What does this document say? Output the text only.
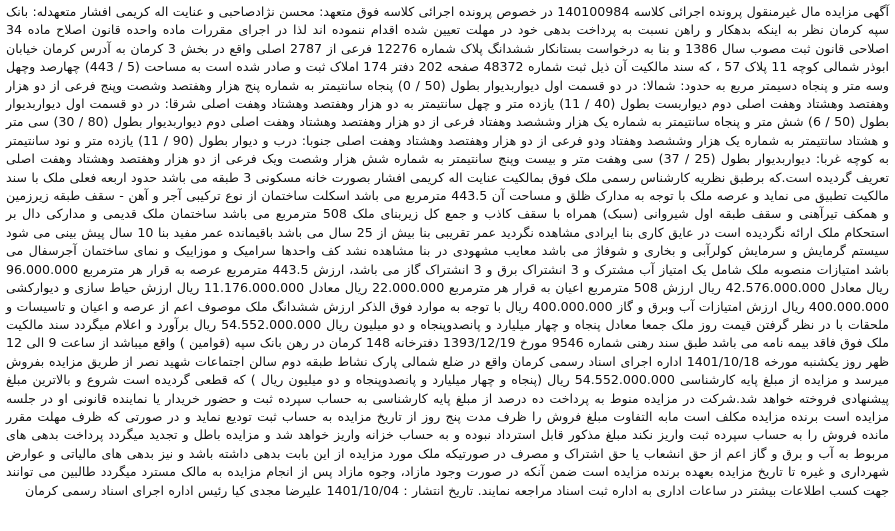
آگهی مزایده مال غیرمنقول پرونده اجرائی کلاسه 140100984 در خصوص پرونده اجرائی کلاسه فوق متعهد: محسن نژادصاحبی و عنایت اله کریمی افشار متعهدله: بانک سپه کرمان نظر به اینکه بدهکار و راهن نسبت به پرداخت بدهی خود در مهلت تعیین شده اقدام ننموده اند لذا در اجرای مقررات ماده واحده قانون اصلاح ماده 34 اصلاحی قانون ثبت مصوب سال 1386 و بنا به درخواست بستانکار ششدانگ پلاک شماره 12276 فرعی از 2787 اصلی واقع در بخش 3 کرمان به آدرس کرمان خیابان ابوذر شمالی کوچه 11 پلاک 57 ، که سند مالکیت آن ذیل ثبت شماره 48372 صفحه 202 دفتر 174 املاک ثبت و صادر شده است به مساحت (5 / 443) چهارصد وچهل وسه متر و پنجاه دسیمتر مربع به حدود: شمالا: در دو قسمت اول دیواربدیوار بطول (50 / 0) پنجاه سانتیمتر به شماره پنج هزار وهفتصد وشصت وپنج فرعی از دو هزار وهفتصد وهشتاد وهفت اصلی دوم دیواربست بطول (40 / 11) یازده متر و چهل سانتیمتر به دو هزار وهفتصد وهشتاد وهفت اصلی شرقا: در دو قسمت اول دیواربدیوار بطول (50 / 6) شش متر و پنجاه سانتیمتر به شماره یک هزار وششصد وهفتاد فرعی از دو هزار وهفتصد وهشتاد وهفت اصلی دوم دیواربدیوار بطول (80 / 30) سی متر و هشتاد سانتیمتر به شماره یک هزار وششصد وهفتاد ودو فرعی از دو هزار وهفتصد وهشتاد وهفت اصلی جنوبا: درب و دیوار بطول (90 / 11) یازده متر و نود سانتیمتر به کوچه غربا: دیواربدیوار بطول (25 / 37) سی وهفت متر و بیست وپنج سانتیمتر به شماره شش هزار وشصت ویک فرعی از دو هزار وهفتصد وهشتاد وهفت اصلی تعریف گردیده است.که برطبق نظریه کارشناس رسمی ملک فوق بمالکیت عنایت اله کریمی افشار بصورت خانه مسکونی 3 طبقه می باشد حدود اربعه فعلی ملک با سند مالکیت تطبیق می نماید و عرصه ملک با توجه به مدارک ظلق و مساحت آن 443.5 مترمربع می باشد اسکلت ساختمان از نوع ترکیبی آجر و آهن - سقف طبقه زیرزمین و همکف تیرآهنی و سقف طبقه اول شیروانی (سبک) همراه با سقف کاذب و جمع کل زیربنای ملک 508 مترمربع می باشد ساختمان ملک قدیمی و مدارکی دال بر استحکام ملک ارائه نگردیده است در عایق کاری بنا ایرادی مشاهده نگردید عمر تقریبی بنا بیش از 25 سال می باشد باقیمانده عمر مفید بنا 10 سال پیش بینی می شود سیستم گرمایش و سرمایش کولرآبی و بخاری و شوفاژ می باشد معایب مشهودی در بنا مشاهده نشد کف واحدها سرامیک و موزاییک و نمای ساختمان آجرسفال می باشد امتیازات منصوبه ملک شامل یک امتیاز آب مشترک و 3 انشتراک برق و 3 انشتراک گاز می باشد، ارزش 443.5 مترمربع عرصه به قرار هر مترمربع 96.000.000 ریال معادل 42.576.000.000 ریال ارزش 508 مترمربع اعیان به قرار هر مترمربع 22.000.000 ریال معادل 11.176.000.000 ریال ارزش حیاط سازی و دیوارکشی 400.000.000 ریال ارزش امتیازات آب وبرق و گاز 400.000.000 ریال با توجه به موارد فوق الذکر ارزش ششدانگ ملک موصوف اعم از عرصه و اعیان و تاسیسات و ملحقات با در نظر گرفتن قیمت روز ملک جمعا معادل پنجاه و چهار میلیارد و پانصدوپنجاه و دو میلیون ریال 54.552.000.000 ریال برآورد و اعلام میگردد سند مالکیت ملک فوق فاقد بیمه نامه می باشد طبق سند رهنی شماره 9546 مورخ 1393/12/19 دفترخانه 148 کرمان در رهن بانک سپه (قوامین ) واقع میباشد از ساعت 9 الی 12 ظهر روز یکشنبه مورخه 1401/10/18 اداره اجرای اسناد رسمی کرمان واقع در ضلع شمالی پارک نشاط طبقه دوم سالن اجتماعات شهید نصر از طریق مزایده بفروش میرسد و مزایده از مبلغ پایه کارشناسی 54.552.000.000 ریال (پنجاه و چهار میلیارد و پانصدوپنجاه و دو میلیون ریال ) که قطعی گردیده است شروع و بالاترین مبلغ پیشنهادی فروخته خواهد شد.شرکت در مزایده منوط به پرداخت ده درصد از مبلغ پایه کارشناسی به حساب سپرده ثبت و حضور خریدار یا نماینده قانونی او در جلسه مزایده است برنده مزایده مکلف است مابه التفاوت مبلغ فروش را ظرف مدت پنج روز از تاریخ مزایده به حساب ثبت تودیع نماید و در صورتی که ظرف مهلت مقرر مانده فروش را به حساب سپرده ثبت واریز نکند مبلغ مذکور قابل استرداد نبوده و به حساب خزانه واریز خواهد شد و مزایده باطل و تجدید میگردد پرداخت بدهی های مربوط به آب و برق و گاز اعم از حق انشعاب یا حق اشتراک و مصرف در صورتیکه ملک مورد مزایده از این بابت بدهی داشته باشد و نیز بدهی های مالیاتی و عوارض شهرداری و غیره تا تاریخ مزایده بعهده برنده مزایده است ضمن آنکه در صورت وجود مازاد، وجوه مازاد پس از انجام مزایده به مالک مسترد میگردد طالبین می توانند جهت کسب اطلاعات بیشتر در ساعات اداری به اداره ثبت اسناد مراجعه نمایند. تاریخ انتشار : 1401/10/04 علیرضا مجدی کیا رئیس اداره اجرای اسناد رسمی کرمان
